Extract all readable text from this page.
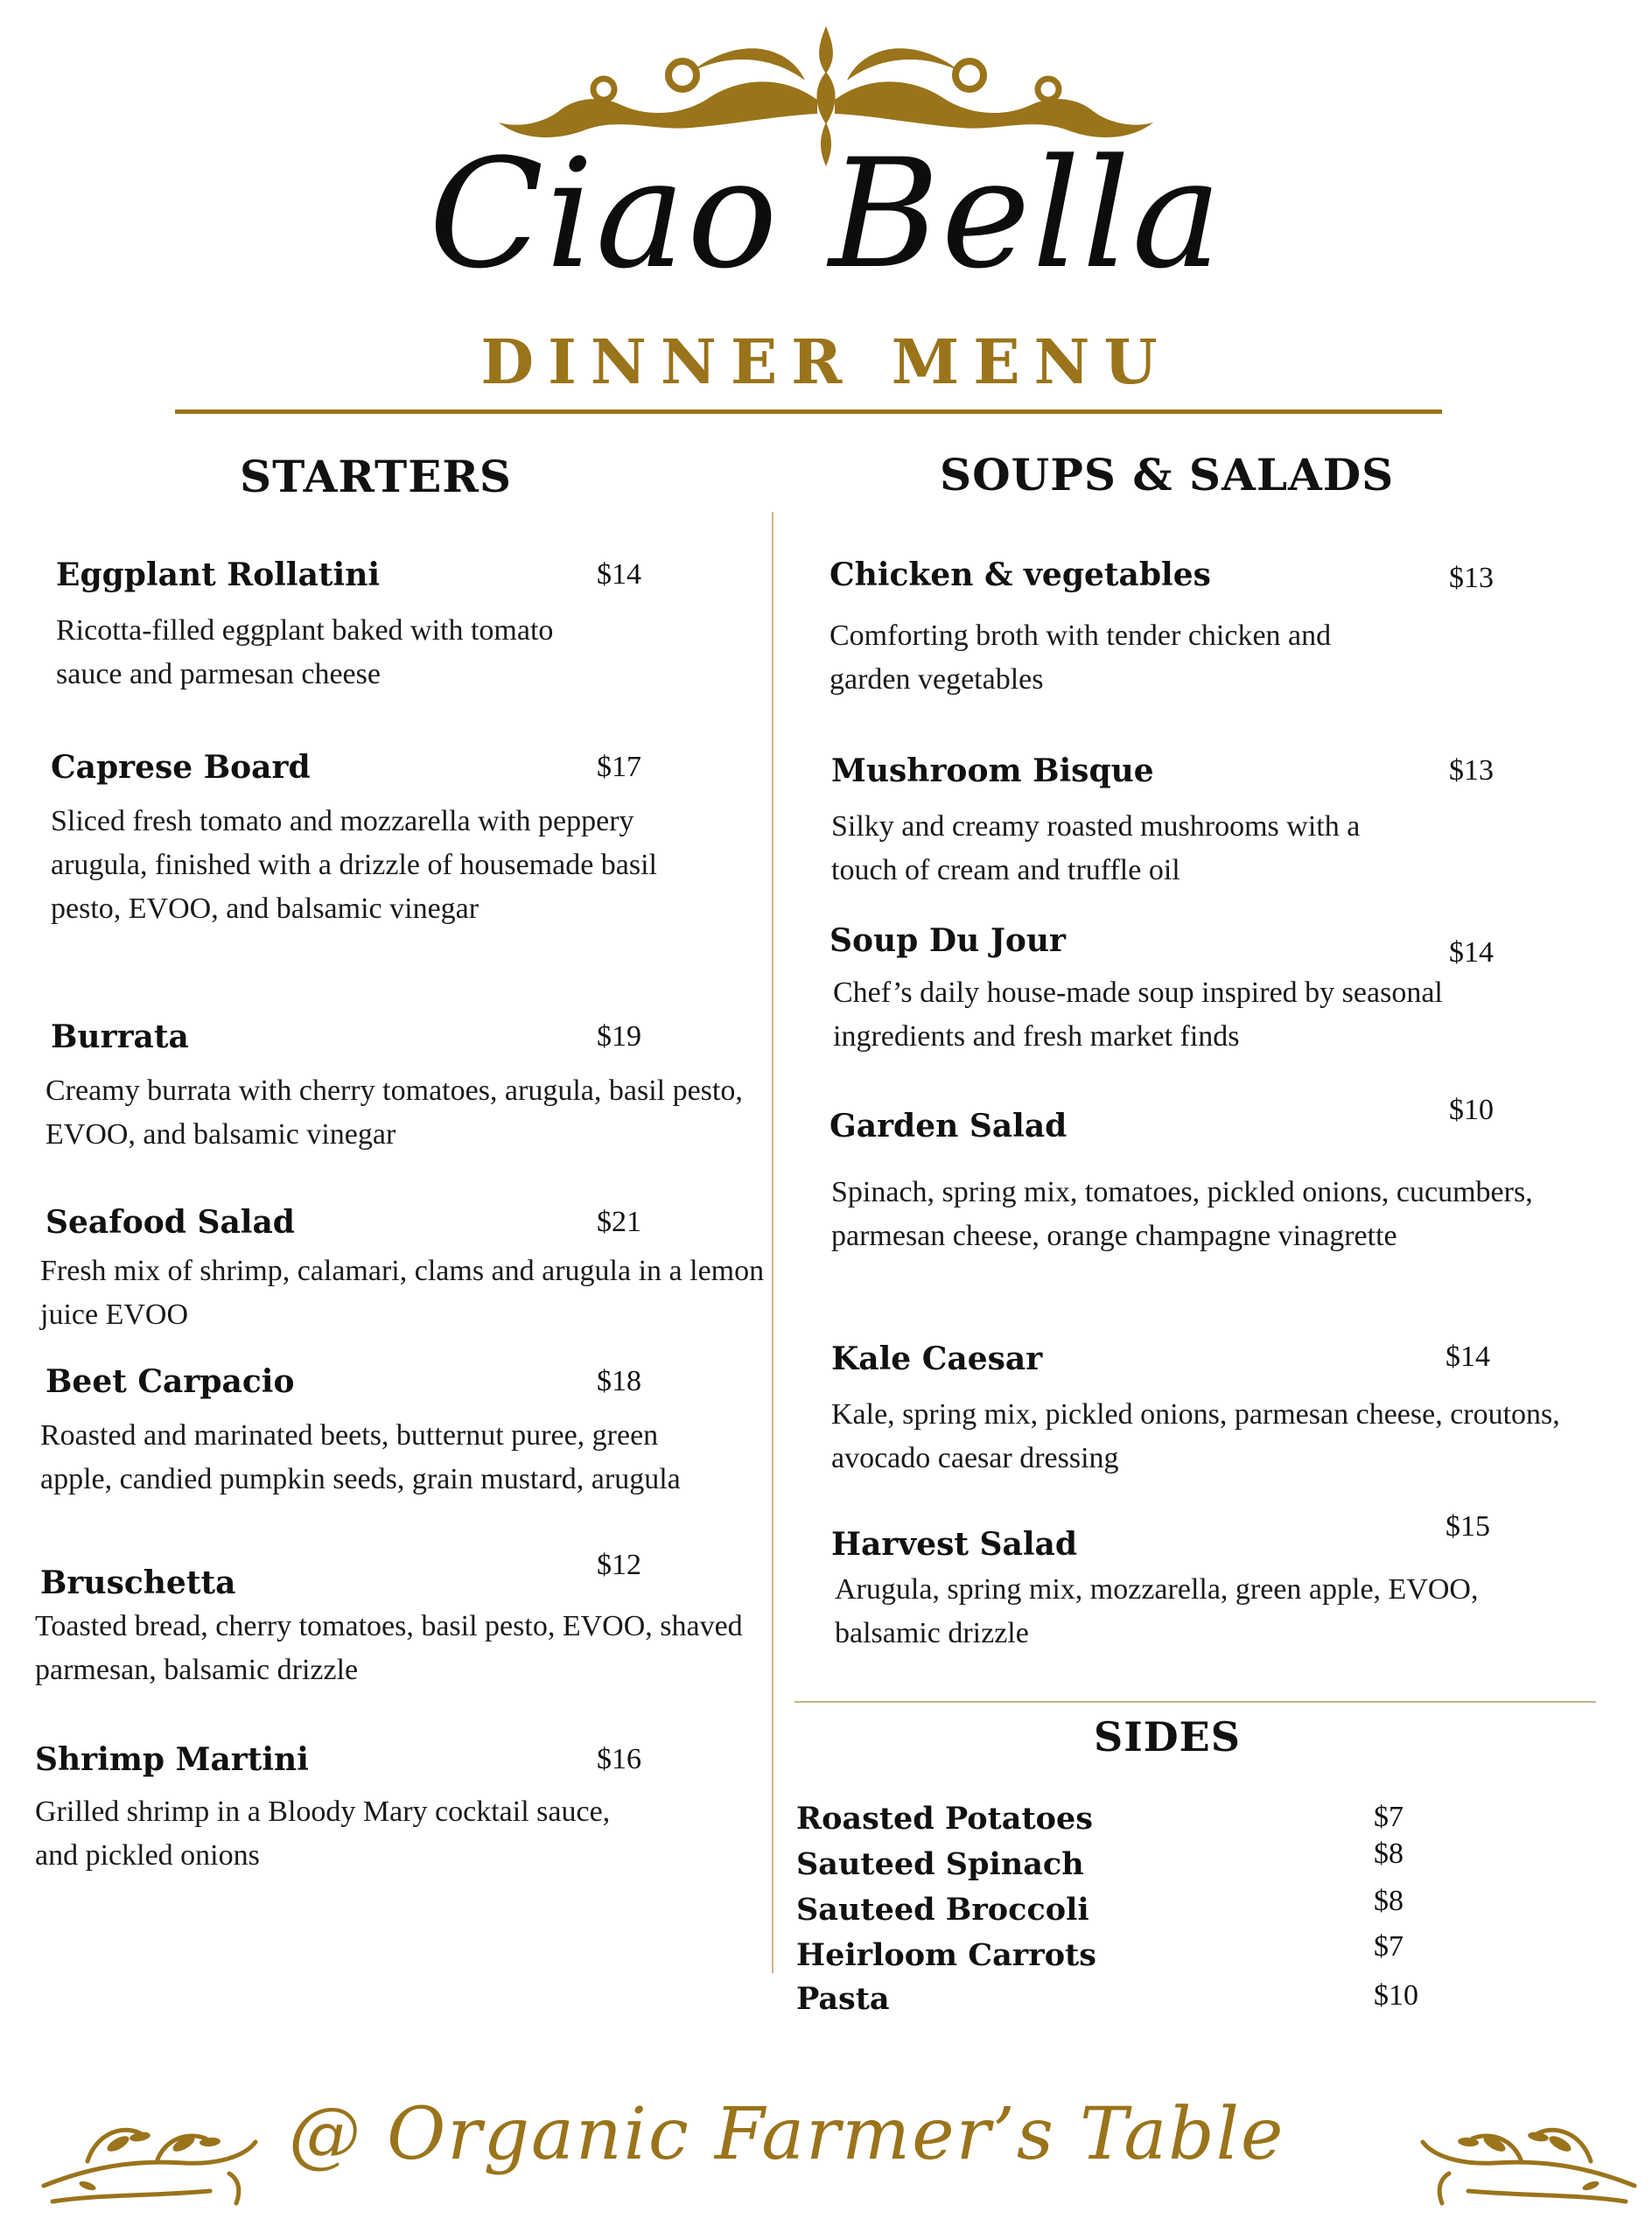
Ciao Bella
DINNER MENU
STARTERS
Eggplant Rollatini	$14
Ricotta-filled eggplant baked with tomato sauce and parmesan cheese
Caprese Board	$17
Sliced fresh tomato and mozzarella with peppery arugula, finished with a drizzle of housemade basil pesto, EVOO, and balsamic vinegar
Burrata	$19
Creamy burrata with cherry tomatoes, arugula, basil pesto, EVOO, and balsamic vinegar
Seafood Salad	$21
Fresh mix of shrimp, calamari, clams and arugula in a lemon juice EVOO
Beet Carpacio	$18
Roasted and marinated beets, butternut puree, green apple, candied pumpkin seeds, grain mustard, arugula
Bruschetta	$12
Toasted bread, cherry tomatoes, basil pesto, EVOO, shaved parmesan, balsamic drizzle
Shrimp Martini	$16
Grilled shrimp in a Bloody Mary cocktail sauce, and pickled onions
SOUPS & SALADS
Chicken & vegetables	$13
Comforting broth with tender chicken and garden vegetables
Mushroom Bisque	$13
Silky and creamy roasted mushrooms with a touch of cream and truffle oil
Soup Du Jour	$14
Chef’s daily house-made soup inspired by seasonal ingredients and fresh market finds
Garden Salad	$10
Spinach, spring mix, tomatoes, pickled onions, cucumbers, parmesan cheese, orange champagne vinagrette
Kale Caesar	$14
Kale, spring mix, pickled onions, parmesan cheese, croutons, avocado caesar dressing
Harvest Salad	$15
Arugula, spring mix, mozzarella, green apple, EVOO, balsamic drizzle
SIDES
Roasted Potatoes	$7
Sauteed Spinach	$8
Sauteed Broccoli	$8
Heirloom Carrots	$7
Pasta	$10
@ Organic Farmer’s Table
